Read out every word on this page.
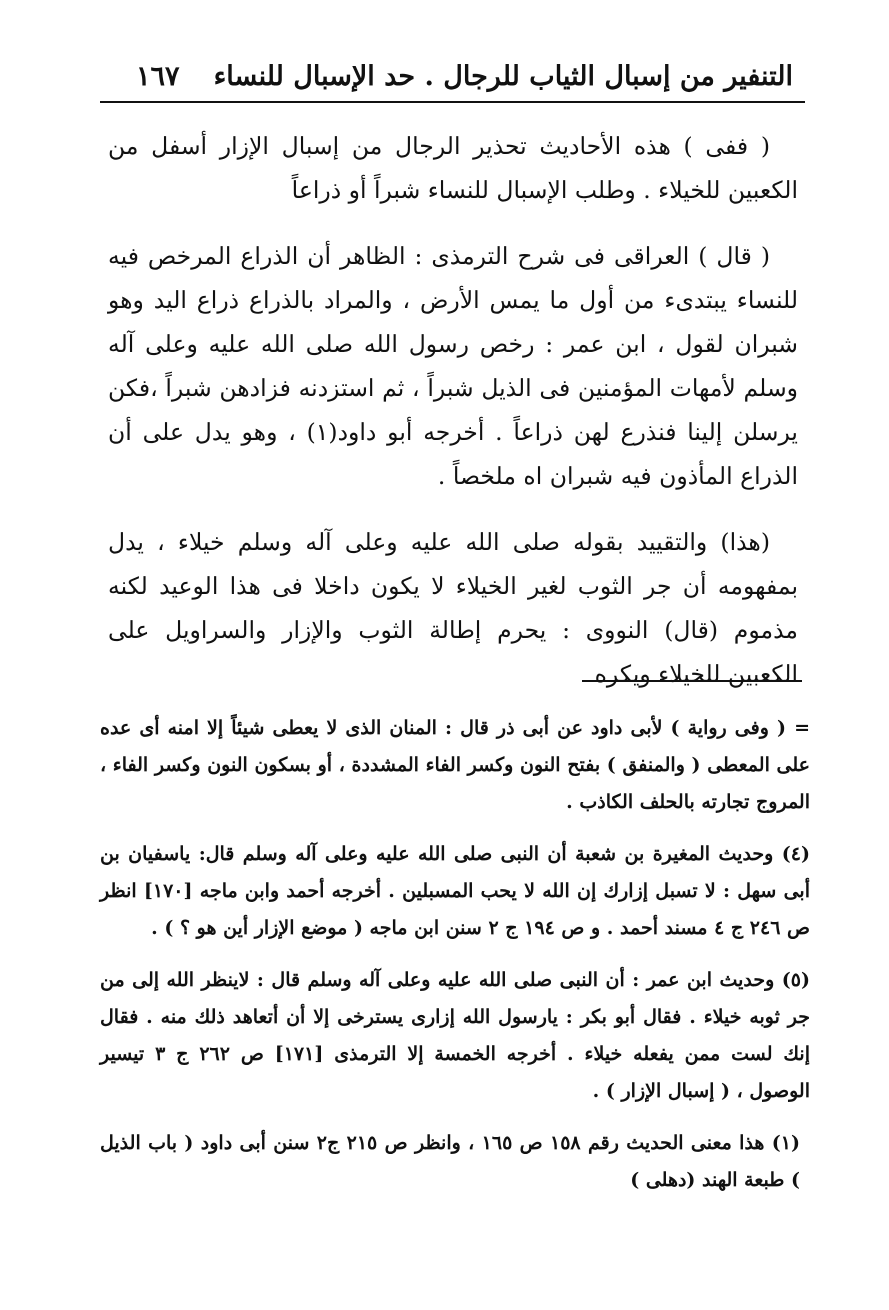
التنفير من إسبال الثياب للرجال . حد الإسبال للنساء
١٦٧

( ففى ) هذه الأحاديث تحذير الرجال من إسبال الإزار أسفل من الكعبين للخيلاء . وطلب الإسبال للنساء شبراً أو ذراعاً

( قال ) العراقى فى شرح الترمذى : الظاهر أن الذراع المرخص فيه للنساء يبتدىء من أول ما يمس الأرض ، والمراد بالذراع ذراع اليد وهو شبران لقول ، ابن عمر : رخص رسول الله صلى الله عليه وعلى آله وسلم لأمهات المؤمنين فى الذيل شبراً ، ثم استزدنه فزادهن شبراً ،فكن يرسلن إلينا فنذرع لهن ذراعاً . أخرجه أبو داود(١) ، وهو يدل على أن الذراع المأذون فيه شبران اه ملخصاً .

(هذا) والتقييد بقوله صلى الله عليه وعلى آله وسلم خيلاء ، يدل بمفهومه أن جر الثوب لغير الخيلاء لا يكون داخلا فى هذا الوعيد لكنه مذموم (قال) النووى : يحرم إطالة الثوب والإزار والسراويل على الكعبين للخيلاء ويكره

= ( وفى رواية ) لأبى داود عن أبى ذر قال : المنان الذى لا يعطى شيئاً إلا امنه أى عده على المعطى ( والمنفق ) بفتح النون وكسر الفاء المشددة ، أو بسكون النون وكسر الفاء ، المروج تجارته بالحلف الكاذب .

(٤) وحديث المغيرة بن شعبة أن النبى صلى الله عليه وعلى آله وسلم قال: ياسفيان بن أبى سهل : لا تسبل إزارك إن الله لا يحب المسبلين . أخرجه أحمد وابن ماجه [١٧٠] انظر ص ٢٤٦ ج ٤ مسند أحمد . و ص ١٩٤ ج ٢ سنن ابن ماجه ( موضع الإزار أين هو ؟ ) .

(٥) وحديث ابن عمر : أن النبى صلى الله عليه وعلى آله وسلم قال : لاينظر الله إلى من جر ثوبه خيلاء . فقال أبو بكر : يارسول الله إزارى يسترخى إلا أن أتعاهد ذلك منه . فقال إنك لست ممن يفعله خيلاء . أخرجه الخمسة إلا الترمذى [١٧١] ص ٢٦٢ ج ٣ تيسير الوصول ، ( إسبال الإزار ) .

(١) هذا معنى الحديث رقم ١٥٨ ص ١٦٥ ، وانظر ص ٢١٥ ج٢ سنن أبى داود ( باب الذيل ) طبعة الهند (دهلى )
